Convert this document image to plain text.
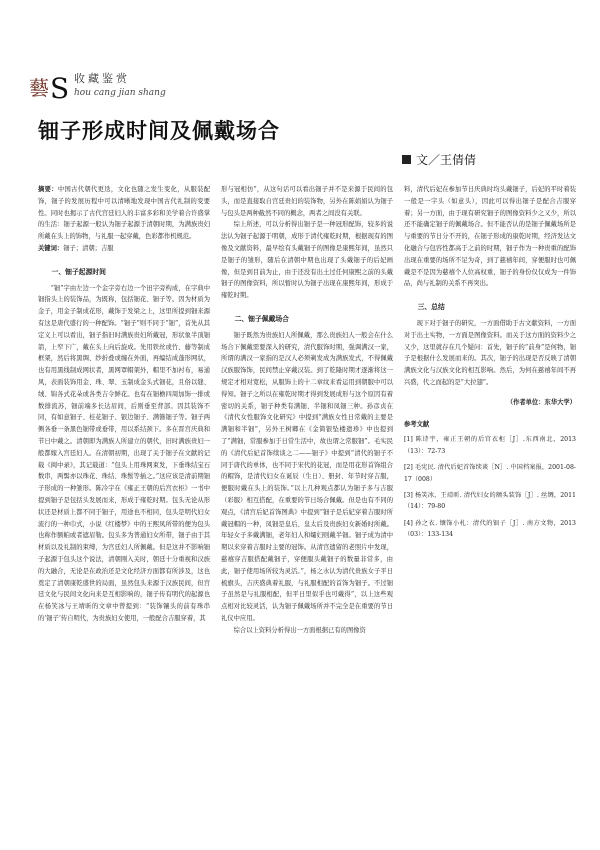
藝 S 收藏鉴赏
hou cang jian shang
钿子形成时间及佩戴场合
文／王倩倩
摘要：中国古代朝代更迭，文化也随之发生变化，从服装配饰，钿子的发展历程中可以清晰地发现中国古代礼制的变要性。同时也揭示了古代宫廷妇人的丰富多彩和美学着合许盛掌的生活：钿子起源一般认为钿子起源于清朝时期，为满族贵妇所戴在头上的饰物，与礼服一起穿戴，色彩都作机规范。
关键词：钿子；清朝；吉服
一、钿子起源时间

“钿”字由左边一个金字旁右边一个田字旁构成，在字典中钿指头上的装饰品，为既称，包括钿花、钿子等。因为材质为金子，用金子制成花形，戴饰于发梁之上，这里所提到钿来源有这是唐代盛行的一种配饰。“钿子”则不同于“钿”，首先从其定义上可以看出，钿子指旧时满族贵妇所戴冠，形状象半顶钿箭，上窄下广，戴在头上向后旋成。先用铁丝或竹、藤等制成框架，然后将黑绸、纱折叠或缠在外面，再编结成蓬形网状，也有用黑线制成网状者，黑网罩帽架外，帽里不加衬布，易通风，表面装饰用金、珠、翠、玉制成金头式钿花，且俗以缝、绒、锦各式花朵或各类吉令鲜花。也有在钿檐四周加饰一排或数排流苏，钿前端多长达眉间，后则垂至背部。因其装饰不同，有如意钿子、桂花钿子、银边钿子、满簪钿子等。钿子两侧各垂一条黑色钿带或垂带，用以系结颈下。多在晋宫庆典和节日中戴之。清朝即为满族人所建立的朝代，旧时满族贵妇一般都嫁入宫廷妇人。在清朝初期，出现了关于钿子在文献的记载《闽中录》，其记载道：“包头上用珠网束发，下垂珠结宝石数串，两髻亦以珠花、珠结、珠鬃等插之。”这应该是清前期钿子形成的一种雏形。陈冷宇在《雍正王朝的后宫衣柜》一书中提到钿子是包括头发展而来，形成于雍乾时期。包头无论从形状还是材质上都不同于钿子，用途也不相同，包头是明代妇女流行的一种巾式，小说《红楼梦》中的王熙凤所带的便为包头也称作额帕或者遮眉勒。包头多为普通妇女所带，钿子由于其材质以及礼制的束缚，为宫廷妇人所佩戴。但是这并不影响钿子起源于包头这个说法，清朝刚入关时，朝廷十分重视和汉族的大融合，无论是在政治还是文化经济方面都有所涉及，这也奠定了清朝康乾盛世的局面，虽然包头来源于汉族民间，但宫廷文化与民间文化向来是互相影响的，钿子传有明代的起源也在杨笑冰与王靖昕的文章中曾提到：“装饰镶头的前有珠串的‘钿子’传自明代，为贵族妇女使用，一般配合吉服穿着，其

形与冠相仿”，从这句话可以看出钿子并不是来源于民间的包头，而是直接取自宫廷贵妇的装饰物，另外在陈娟娟认为钿子与包头是两种截然不同的概念，两者之间没有关联。

综上所述，可以分析得出钿子是一种冠形配饰，较多的说法认为钿子起源于明朝，成形于清代雍乾时期，根据现有的图像及文献资料，最早绘有头戴钿子的图像是康熙年间，虽然只是钿子的雏形，随后在清朝中期也出现了头戴钿子的后妃画像，但是到目前为止，由于还没有出土过任何康熙之前的头戴钿子的图像资料，所以暂时认为钿子出现在康熙年间，形成于雍乾时期。

二、钿子佩戴场合

钿子既然为贵族妇人所佩戴，那么贵族妇人一般会在什么场合下佩戴需要深入的研究，清代服饰时期，强调满汉一家，所谓的满汉一家指的是汉人必须剃发成为满族发式，不得佩戴汉族服饰饰，民间禁止穿戴汉装。到了乾隆时期才逐渐将这一规定才相对宽松，从服饰上的十二章纹来看运用到朝服中可以得知。钿子之所以在雍乾时期才得到发展成形与这个原因有着密切的关系，钿子种类有满钿、半钿和凤钿三种。孙彦贞在《清代女性服饰文化研究》中提到“满族女性日常戴的主要是满钿和半钿”，另外王树卿在《金简银坠楼遗珍》中也提到了“满钿，常服参加于日常生活中，故也谓之常服钿”。毛实民的《清代后妃首饰续谈之二——钿子》中提到“清代的钿子不同于唐代的单体，也不同于宋代的花冠，而是用花形首饰组合的帽饰，是清代妇女在诞辰（生日）、册封、年节时穿吉服，便服时戴在头上的装饰。”以上几种观点都认为钿子多与吉服（彩服）相互搭配，在重要的节日场合佩戴。但是也有不同的观点，《清宫后妃首饰图典》中提到“钿子是后妃穿着吉服时所戴冠帽的一种，凤钿是皇后、皇太后及贵族妇女新婚时所戴。年轻女子多戴满钿，老年妇人和孀妇则戴半钿。钿子成为清中期以来穿着吉服时主要的冠饰。从清宫遗留的老照片中发现，慈禧穿吉服搭配戴钿子，穿便服头戴钿子的数量非常多，由此，钿子使用场所较为灵活。”，杨之水认为清代贵族女子平日梳旗头，吉庆盛典着礼服，与礼服相配的首饰为钿子。不过钿子虽然是与礼服相配，但平日里似乎也可戴得”，以上这些观点相对比较灵活，认为钿子佩戴场所并不完全是在重要的节日礼仪中应用。

综合以上资料分析得出一方面根据已有的图像资

料，清代后妃在参加节日庆典时均头戴钿子，后妃的平时着装一般是一字头（如意头），因此可以得出钿子是配合吉服穿着；另一方面，由于现有研究钿子的图像资料少之又少，所以还不能确定钿子的佩戴场合。但不能否认的是钿子佩戴场所是与重要的节日分不开的，在钿子形成的康乾时期，经济发达文化融合与包容性都高于之前的时期，钿子作为一种贵重的配饰出现在重要的场所不足为奇，到了慈禧年间，穿便服时也可佩戴是不是因为慈禧个人位高权重，钿子的身份仅仅成为一件饰品，尚与礼制的关系不再突出。

三、总结

现下对于钿子的研究，一方面借助于古文献资料，一方面对于出土实物，一方面是图像资料。而关于这方面的资料少之又少，这里就存在几个疑问：首先，钿子的“前身”是何物，钿子是根据什么发展而来的。其次，钿子的出现是否反映了清朝满族文化与汉族文化的相互影响。然后，为何在慈禧年间不再兴盛，代之而起的是“大拉翅”。

（作者单位：东华大学）
参考文献
[1] 陈诗宇，雍正王朝的后宫衣柜［J］.东西南北，2013（13）：72-73
[2] 毛宪民. 清代后妃首饰续谈［N］. 中国档案报，2001-08-17（008）
[3] 杨笑冰，王靖昕. 清代妇女的额头装饰［J］. 丝绸，2011（14）：79-80
[4] 孙之衣. 镶饰小札：清代的钿子［J］. 南方文物，2013（03）：133-134
